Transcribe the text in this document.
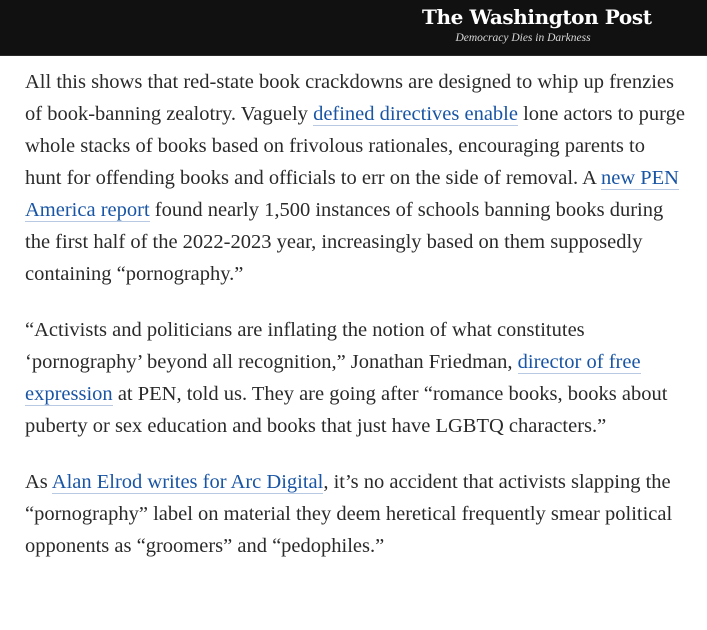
The Washington Post
Democracy Dies in Darkness

All this shows that red-state book crackdowns are designed to whip up frenzies of book-banning zealotry. Vaguely defined directives enable lone actors to purge whole stacks of books based on frivolous rationales, encouraging parents to hunt for offending books and officials to err on the side of removal. A new PEN America report found nearly 1,500 instances of schools banning books during the first half of the 2022-2023 year, increasingly based on them supposedly containing “pornography.”

“Activists and politicians are inflating the notion of what constitutes ‘pornography’ beyond all recognition,” Jonathan Friedman, director of free expression at PEN, told us. They are going after “romance books, books about puberty or sex education and books that just have LGBTQ characters.”

As Alan Elrod writes for Arc Digital, it’s no accident that activists slapping the “pornography” label on material they deem heretical frequently smear political opponents as “groomers” and “pedophiles.”
